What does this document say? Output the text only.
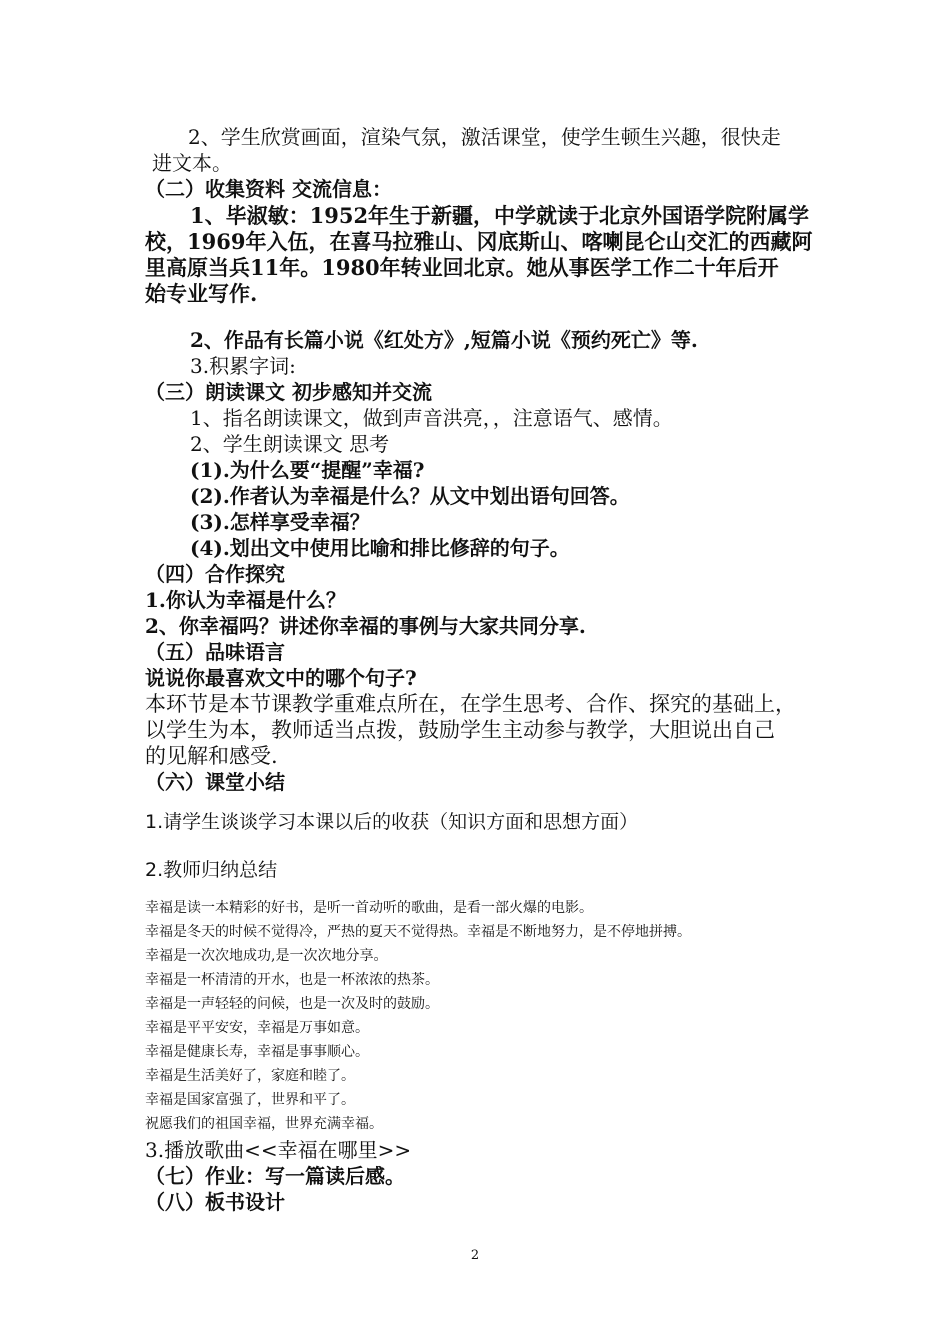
2、学生欣赏画面，渲染气氛，激活课堂，使学生顿生兴趣，很快走
进文本。
（二）收集资料 交流信息：
1、毕淑敏：1952年生于新疆，中学就读于北京外国语学院附属学
校，1969年入伍，在喜马拉雅山、冈底斯山、喀喇昆仑山交汇的西藏阿
里高原当兵11年。1980年转业回北京。她从事医学工作二十年后开
始专业写作.
2、作品有长篇小说《红处方》,短篇小说《预约死亡》等.
3.积累字词:
（三）朗读课文 初步感知并交流
1、指名朗读课文，做到声音洪亮，，注意语气、感情。
2、学生朗读课文 思考
(1).为什么要“提醒”幸福?
(2).作者认为幸福是什么？从文中划出语句回答。
(3).怎样享受幸福？
(4).划出文中使用比喻和排比修辞的句子。
（四）合作探究
1.你认为幸福是什么？
2、你幸福吗？讲述你幸福的事例与大家共同分享.
（五）品味语言
说说你最喜欢文中的哪个句子?
本环节是本节课教学重难点所在，在学生思考、合作、探究的基础上，
以学生为本，教师适当点拨，鼓励学生主动参与教学，大胆说出自己
的见解和感受.
（六）课堂小结
1.请学生谈谈学习本课以后的收获（知识方面和思想方面）
2.教师归纳总结
幸福是读一本精彩的好书，是听一首动听的歌曲，是看一部火爆的电影。
幸福是冬天的时候不觉得冷，严热的夏天不觉得热。幸福是不断地努力，是不停地拼搏。
幸福是一次次地成功,是一次次地分享。
幸福是一杯清清的开水，也是一杯浓浓的热茶。
幸福是一声轻轻的问候，也是一次及时的鼓励。
幸福是平平安安，幸福是万事如意。
幸福是健康长寿，幸福是事事顺心。
幸福是生活美好了，家庭和睦了。
幸福是国家富强了，世界和平了。
祝愿我们的祖国幸福，世界充满幸福。
3.播放歌曲<<幸福在哪里>>
（七）作业：写一篇读后感。
（八）板书设计
2
